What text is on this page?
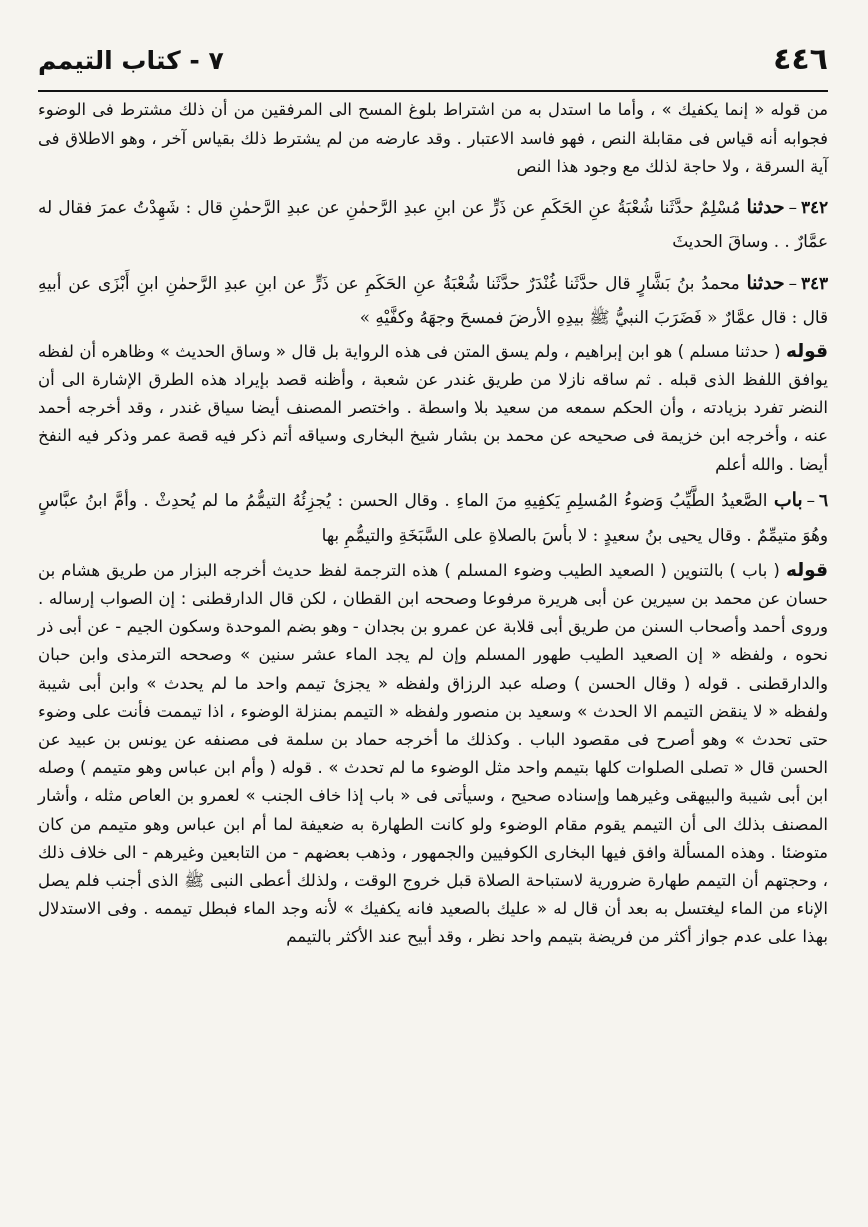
٤٤٦
٧ - كتاب التيمم

من قوله « إنما يكفيك » ، وأما ما استدل به من اشتراط بلوغ المسح الى المرفقين من أن ذلك مشترط فى الوضوء فجوابه أنه قياس فى مقابلة النص ، فهو فاسد الاعتبار . وقد عارضه من لم يشترط ذلك بقياس آخر ، وهو الاطلاق فى آية السرقة ، ولا حاجة لذلك مع وجود هذا النص

٣٤٢–حدثنا مُسْلِمٌ حدَّثَنا شُعْبَةُ عنِ الحَكَمِ عن ذَرٍّ عن ابنِ عبدِ الرَّحمٰنِ عن عبدِ الرَّحمٰنِ قال : شَهِدْتُ عمرَ فقال له عمَّارٌ . . وساقَ الحديثَ

٣٤٣–حدثنا محمدُ بنُ بَشَّارٍ قال حدَّثَنا غُنْدَرٌ حدَّثَنا شُعْبَةُ عنِ الحَكَمِ عن ذَرٍّ عن ابنِ عبدِ الرَّحمٰنِ ابنِ أَبْزَى عن أبيهِ قال : قال عمَّارٌ « فَضَرَبَ النبيُّ ﷺ بيدِهِ الأرضَ فمسحَ وجهَهُ وكفَّيْهِ »

قوله ( حدثنا مسلم ) هو ابن إبراهيم ، ولم يسق المتن فى هذه الرواية بل قال « وساق الحديث » وظاهره أن لفظه يوافق اللفظ الذى قبله . ثم ساقه نازلا من طريق غندر عن شعبة ، وأظنه قصد بإيراد هذه الطرق الإشارة الى أن النضر تفرد بزيادته ، وأن الحكم سمعه من سعيد بلا واسطة . واختصر المصنف أيضا سياق غندر ، وقد أخرجه أحمد عنه ، وأخرجه ابن خزيمة فى صحيحه عن محمد بن بشار شيخ البخارى وسياقه أتم ذكر فيه قصة عمر وذكر فيه النفخ أيضا . والله أعلم

٦–باب الصَّعيدُ الطَّيِّبُ وَضوءُ المُسلِمِ يَكفِيهِ منَ الماءِ . وقال الحسن : يُجزِئُهُ التيمُّمُ ما لم يُحدِثْ . وأمَّ ابنُ عبَّاسٍ وهُوَ متيمِّمٌ . وقال يحيى بنُ سعيدٍ : لا بأسَ بالصلاةِ على السَّبَخَةِ والتيمُّمِ بها

قوله ( باب ) بالتنوين ( الصعيد الطيب وضوء المسلم ) هذه الترجمة لفظ حديث أخرجه البزار من طريق هشام بن حسان عن محمد بن سيرين عن أبى هريرة مرفوعا وصححه ابن القطان ، لكن قال الدارقطنى : إن الصواب إرساله . وروى أحمد وأصحاب السنن من طريق أبى قلابة عن عمرو بن بجدان - وهو بضم الموحدة وسكون الجيم - عن أبى ذر نحوه ، ولفظه « إن الصعيد الطيب طهور المسلم وإن لم يجد الماء عشر سنين » وصححه الترمذى وابن حبان والدارقطنى . قوله ( وقال الحسن ) وصله عبد الرزاق ولفظه « يجزئ تيمم واحد ما لم يحدث » وابن أبى شيبة ولفظه « لا ينقض التيمم الا الحدث » وسعيد بن منصور ولفظه « التيمم بمنزلة الوضوء ، اذا تيممت فأنت على وضوء حتى تحدث » وهو أصرح فى مقصود الباب . وكذلك ما أخرجه حماد بن سلمة فى مصنفه عن يونس بن عبيد عن الحسن قال « تصلى الصلوات كلها بتيمم واحد مثل الوضوء ما لم تحدث » . قوله ( وأم ابن عباس وهو متيمم ) وصله ابن أبى شيبة والبيهقى وغيرهما وإسناده صحيح ، وسيأتى فى « باب إذا خاف الجنب » لعمرو بن العاص مثله ، وأشار المصنف بذلك الى أن التيمم يقوم مقام الوضوء ولو كانت الطهارة به ضعيفة لما أم ابن عباس وهو متيمم من كان متوضئا . وهذه المسألة وافق فيها البخارى الكوفيين والجمهور ، وذهب بعضهم - من التابعين وغيرهم - الى خلاف ذلك ، وحجتهم أن التيمم طهارة ضرورية لاستباحة الصلاة قبل خروج الوقت ، ولذلك أعطى النبى ﷺ الذى أجنب فلم يصل الإناء من الماء ليغتسل به بعد أن قال له « عليك بالصعيد فانه يكفيك » لأنه وجد الماء فبطل تيممه . وفى الاستدلال بهذا على عدم جواز أكثر من فريضة بتيمم واحد نظر ، وقد أبيح عند الأكثر بالتيمم
